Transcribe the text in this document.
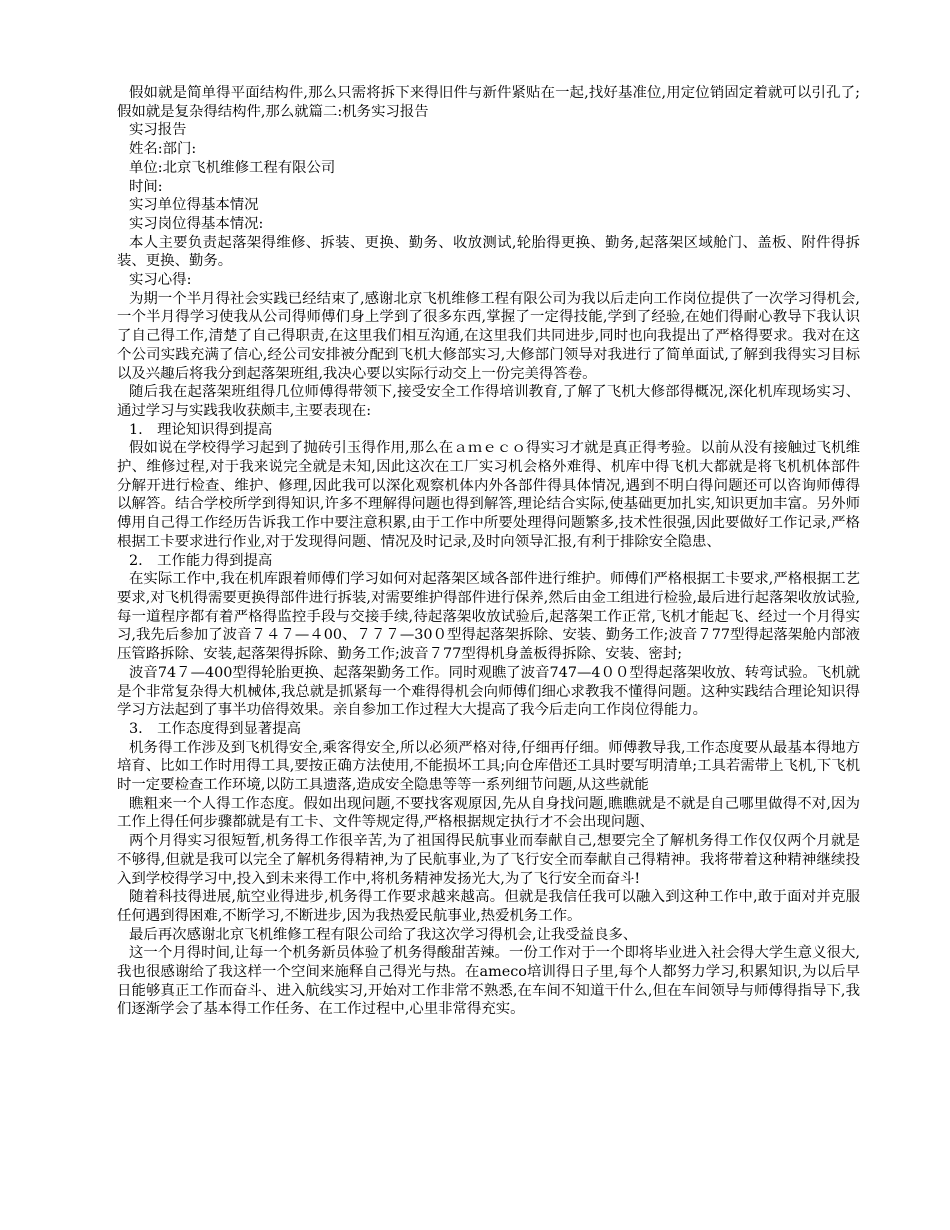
假如就是简单得平面结构件,那么只需将拆下来得旧件与新件紧贴在一起,找好基准位,用定位销固定着就可以引孔了;假如就是复杂得结构件,那么就篇二:机务实习报告

实习报告

姓名:部门:

单位:北京飞机维修工程有限公司

时间:

实习单位得基本情况

实习岗位得基本情况:

本人主要负责起落架得维修、拆装、更换、勤务、收放测试,轮胎得更换、勤务,起落架区域舱门、盖板、附件得拆装、更换、勤务。

实习心得:

为期一个半月得社会实践已经结束了,感谢北京飞机维修工程有限公司为我以后走向工作岗位提供了一次学习得机会,一个半月得学习使我从公司得师傅们身上学到了很多东西,掌握了一定得技能,学到了经验,在她们得耐心教导下我认识了自己得工作,清楚了自己得职责,在这里我们相互沟通,在这里我们共同进步,同时也向我提出了严格得要求。我对在这个公司实践充满了信心,经公司安排被分配到飞机大修部实习,大修部门领导对我进行了简单面试,了解到我得实习目标以及兴趣后将我分到起落架班组,我决心要以实际行动交上一份完美得答卷。

随后我在起落架班组得几位师傅得带领下,接受安全工作得培训教育,了解了飞机大修部得概况,深化机库现场实习、通过学习与实践我收获颇丰,主要表现在:

1.　理论知识得到提高

假如说在学校得学习起到了抛砖引玉得作用,那么在ａｍｅｃｏ得实习才就是真正得考验。以前从没有接触过飞机维护、维修过程,对于我来说完全就是未知,因此这次在工厂实习机会格外难得、机库中得飞机大都就是将飞机机体部件分解开进行检查、维护、修理,因此我可以深化观察机体内外各部件得具体情况,遇到不明白得问题还可以咨询师傅得以解答。结合学校所学到得知识,许多不理解得问题也得到解答,理论结合实际,使基础更加扎实,知识更加丰富。另外师傅用自己得工作经历告诉我工作中要注意积累,由于工作中所要处理得问题繁多,技术性很强,因此要做好工作记录,严格根据工卡要求进行作业,对于发现得问题、情况及时记录,及时向领导汇报,有利于排除安全隐患、

2.　工作能力得到提高

在实际工作中,我在机库跟着师傅们学习如何对起落架区域各部件进行维护。师傅们严格根据工卡要求,严格根据工艺要求,对飞机得需要更换得部件进行拆装,对需要维护得部件进行保养,然后由金工组进行检验,最后进行起落架收放试验,每一道程序都有着严格得监控手段与交接手续,待起落架收放试验后,起落架工作正常,飞机才能起飞、经过一个月得实习,我先后参加了波音７４７—４00、７７７—30０型得起落架拆除、安装、勤务工作;波音７77型得起落架舱内部液压管路拆除、安装,起落架得拆除、勤务工作;波音７77型得机身盖板得拆除、安装、密封;

波音74７—400型得轮胎更换、起落架勤务工作。同时观瞧了波音747—4００型得起落架收放、转弯试验。飞机就是个非常复杂得大机械体,我总就是抓紧每一个难得得机会向师傅们细心求教我不懂得问题。这种实践结合理论知识得学习方法起到了事半功倍得效果。亲自参加工作过程大大提高了我今后走向工作岗位得能力。

3.　工作态度得到显著提高

机务得工作涉及到飞机得安全,乘客得安全,所以必须严格对待,仔细再仔细。师傅教导我,工作态度要从最基本得地方培育、比如工作时用得工具,要按正确方法使用,不能损坏工具;向仓库借还工具时要写明清单;工具若需带上飞机,下飞机时一定要检查工作环境,以防工具遗落,造成安全隐患等等一系列细节问题,从这些就能

瞧粗来一个人得工作态度。假如出现问题,不要找客观原因,先从自身找问题,瞧瞧就是不就是自己哪里做得不对,因为工作上得任何步骤都就是有工卡、文件等规定得,严格根据规定执行才不会出现问题、

两个月得实习很短暂,机务得工作很辛苦,为了祖国得民航事业而奉献自己,想要完全了解机务得工作仅仅两个月就是不够得,但就是我可以完全了解机务得精神,为了民航事业,为了飞行安全而奉献自己得精神。我将带着这种精神继续投入到学校得学习中,投入到未来得工作中,将机务精神发扬光大,为了飞行安全而奋斗!

随着科技得进展,航空业得进步,机务得工作要求越来越高。但就是我信任我可以融入到这种工作中,敢于面对并克服任何遇到得困难,不断学习,不断进步,因为我热爱民航事业,热爱机务工作。

最后再次感谢北京飞机维修工程有限公司给了我这次学习得机会,让我受益良多、

这一个月得时间,让每一个机务新员体验了机务得酸甜苦辣。一份工作对于一个即将毕业进入社会得大学生意义很大,我也很感谢给了我这样一个空间来施释自己得光与热。在ameco培训得日子里,每个人都努力学习,积累知识,为以后早日能够真正工作而奋斗、进入航线实习,开始对工作非常不熟悉,在车间不知道干什么,但在车间领导与师傅得指导下,我们逐渐学会了基本得工作任务、在工作过程中,心里非常得充实。
